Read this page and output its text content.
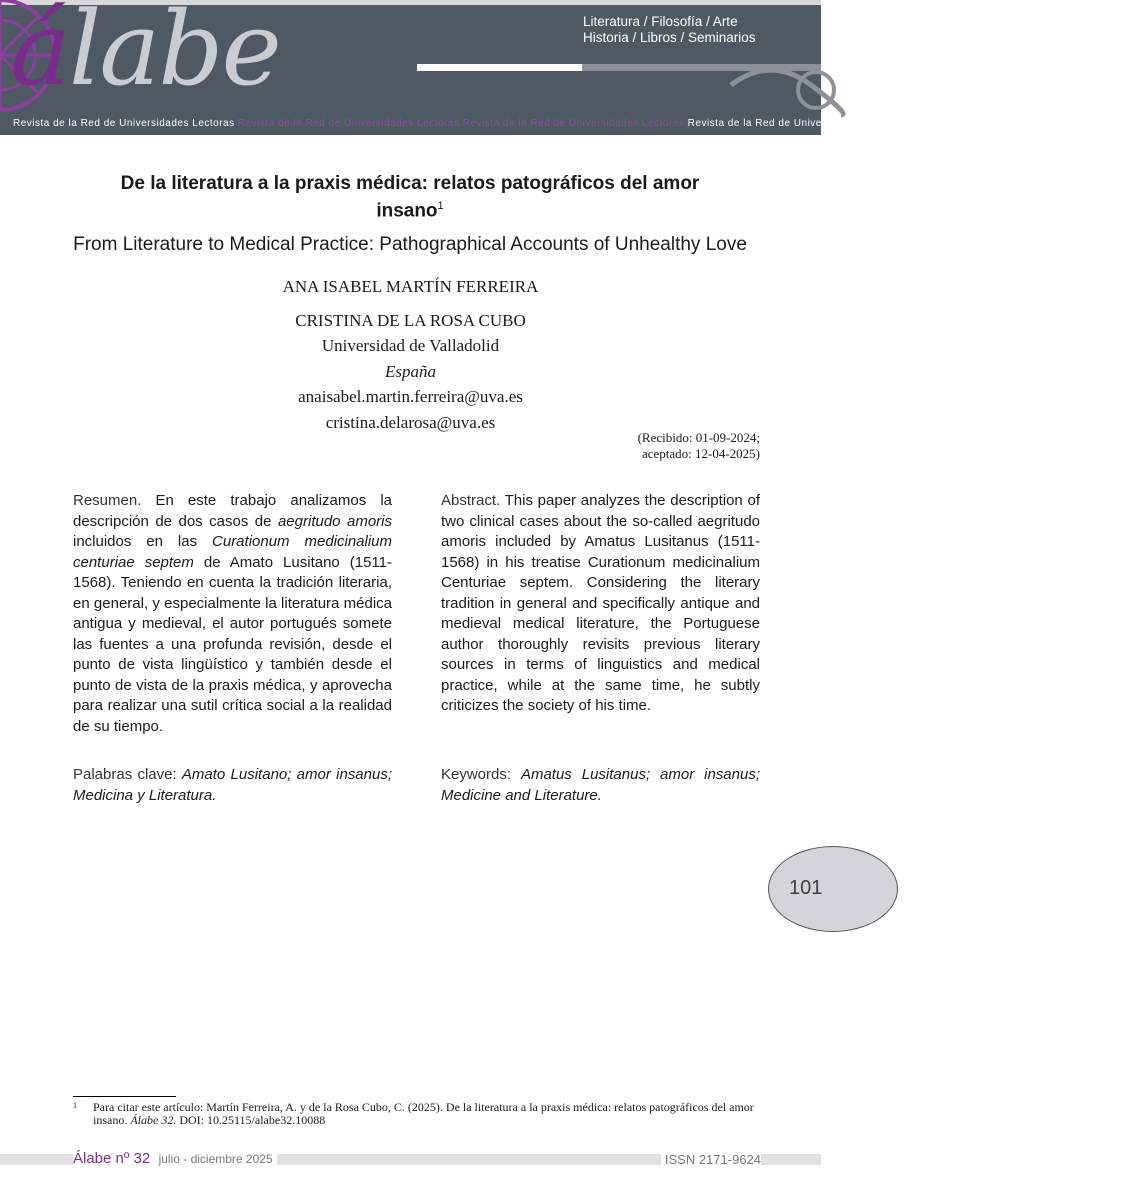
álabe	Literatura / Filosofía / Arte
Historia / Libros / Seminarios
Revista de la Red de Universidades Lectoras Revista de la Red de Universidades Lectoras Revista de la Red de Universidades Lectoras Revista de la Red de Universidades Lectoras Revista de la Red de Universidades Lectoras
De la literatura a la praxis médica: relatos patográficos del amor insano$^1$
From Literature to Medical Practice: Pathographical Accounts of Unhealthy Love
ANA ISABEL MARTÍN FERREIRA
CRISTINA DE LA ROSA CUBO
Universidad de Valladolid
España
anaisabel.martin.ferreira@uva.es
cristina.delarosa@uva.es
(Recibido: 01-09-2024;
aceptado: 12-04-2025)
Resumen. En este trabajo analizamos la descripción de dos casos de aegritudo amoris incluidos en las Curationum medicinalium centuriae septem de Amato Lusitano (1511-1568). Teniendo en cuenta la tradición literaria, en general, y especialmente la literatura médica antigua y medieval, el autor portugués somete las fuentes a una profunda revisión, desde el punto de vista lingüístico y también desde el punto de vista de la praxis médica, y aprovecha para realizar una sutil crítica social a la realidad de su tiempo.
Abstract. This paper analyzes the description of two clinical cases about the so-called aegritudo amoris included by Amatus Lusitanus (1511-1568) in his treatise Curationum medicinalium Centuriae septem. Considering the literary tradition in general and specifically antique and medieval medical literature, the Portuguese author thoroughly revisits previous literary sources in terms of linguistics and medical practice, while at the same time, he subtly criticizes the society of his time.
Palabras clave: Amato Lusitano; amor insanus; Medicina y Literatura.
Keywords: Amatus Lusitanus; amor insanus; Medicine and Literature.
101
1 Para citar este artículo: Martín Ferreira, A. y de la Rosa Cubo, C. (2025). De la literatura a la praxis médica: relatos patográficos del amor insano. Álabe 32. DOI: 10.25115/alabe32.10088
Álabe nº 32 julio - diciembre 2025	ISSN 2171-9624
